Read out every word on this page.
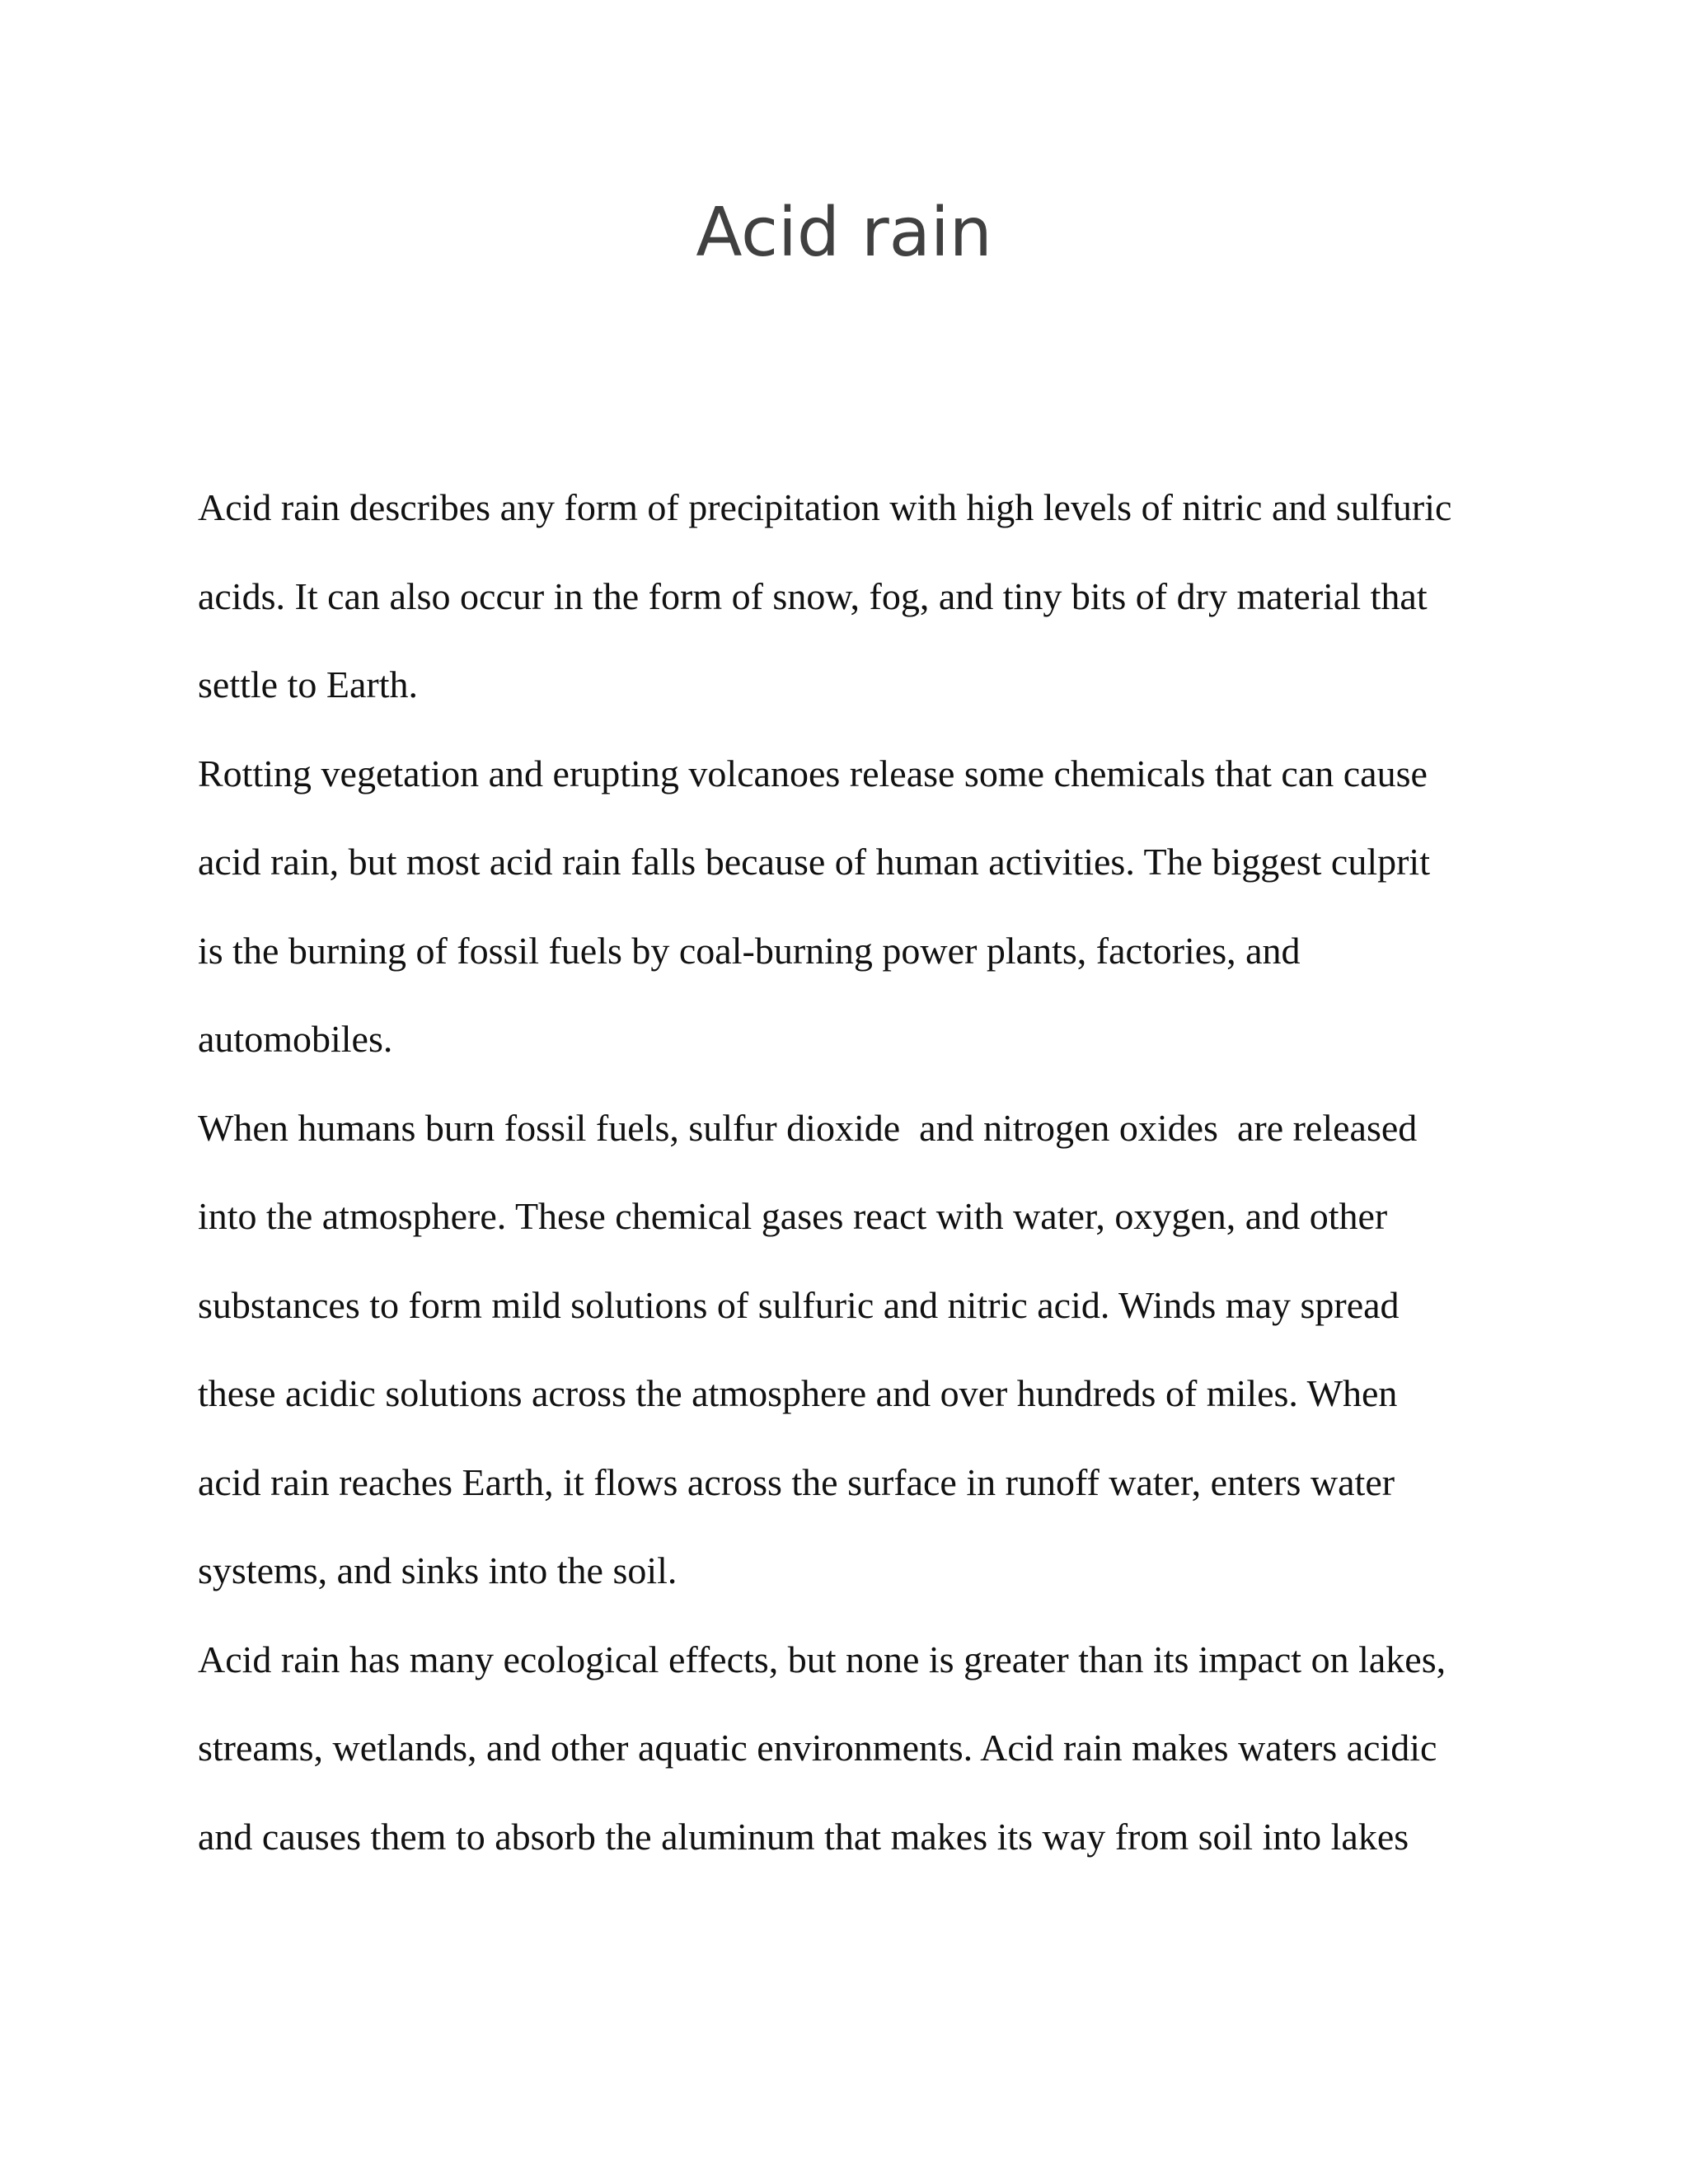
Acid rain
Acid rain describes any form of precipitation with high levels of nitric and sulfuric
acids. It can also occur in the form of snow, fog, and tiny bits of dry material that
settle to Earth.
Rotting vegetation and erupting volcanoes release some chemicals that can cause
acid rain, but most acid rain falls because of human activities. The biggest culprit
is the burning of fossil fuels by coal-burning power plants, factories, and
automobiles.
When humans burn fossil fuels, sulfur dioxide  and nitrogen oxides  are released
into the atmosphere. These chemical gases react with water, oxygen, and other
substances to form mild solutions of sulfuric and nitric acid. Winds may spread
these acidic solutions across the atmosphere and over hundreds of miles. When
acid rain reaches Earth, it flows across the surface in runoff water, enters water
systems, and sinks into the soil.
Acid rain has many ecological effects, but none is greater than its impact on lakes,
streams, wetlands, and other aquatic environments. Acid rain makes waters acidic
and causes them to absorb the aluminum that makes its way from soil into lakes
